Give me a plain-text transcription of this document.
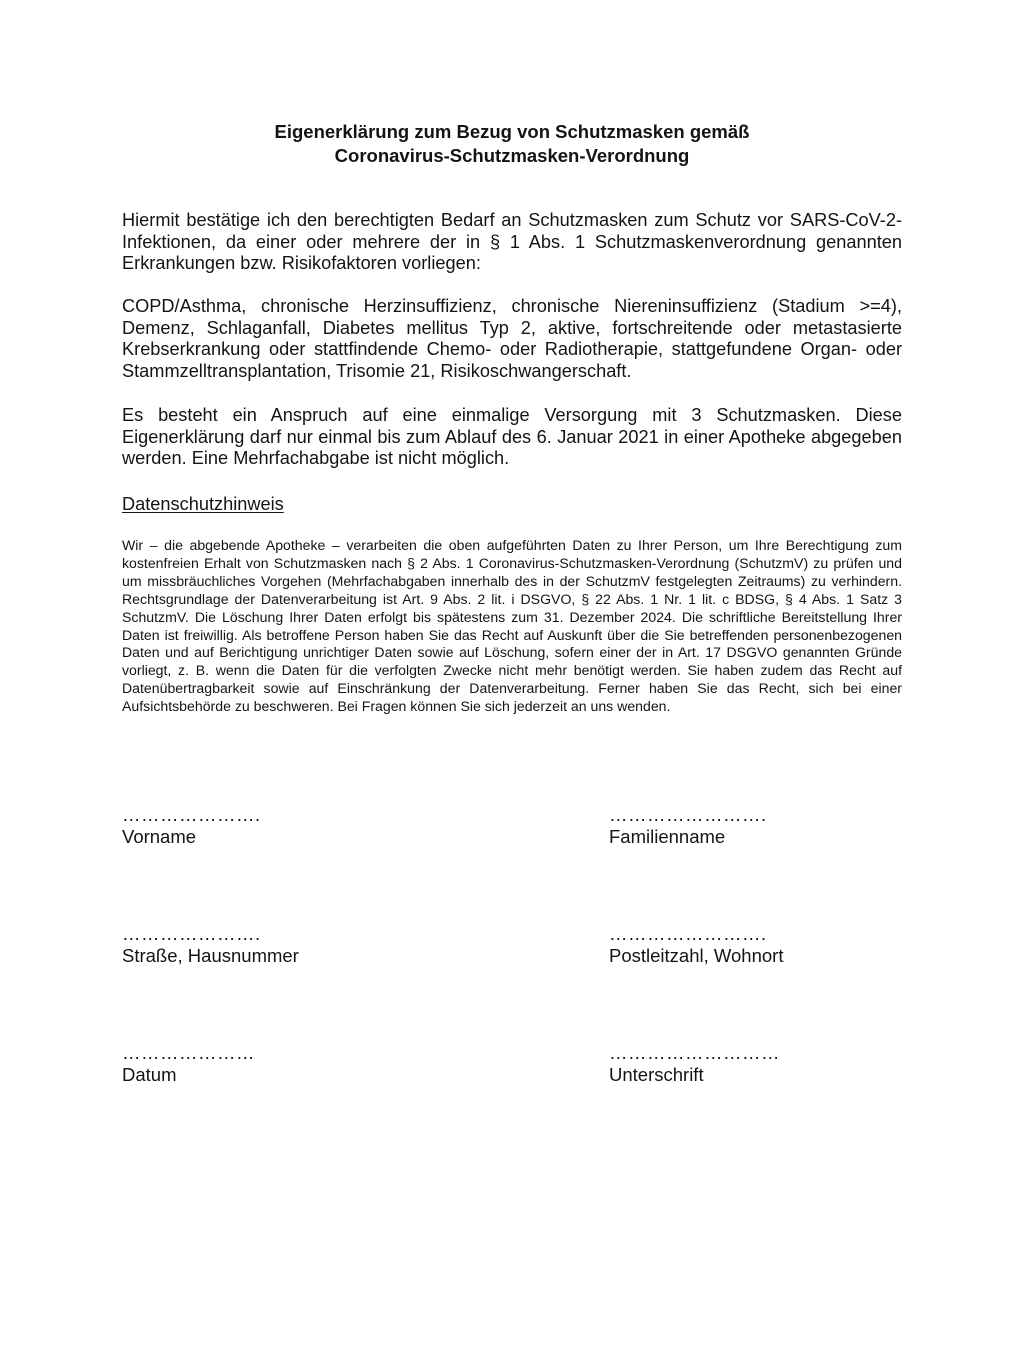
Eigenerklärung zum Bezug von Schutzmasken gemäß
Coronavirus-Schutzmasken-Verordnung

Hiermit bestätige ich den berechtigten Bedarf an Schutzmasken zum Schutz vor SARS-CoV-2-Infektionen, da einer oder mehrere der in § 1 Abs. 1 Schutzmaskenverordnung genannten Erkrankungen bzw. Risikofaktoren vorliegen:

COPD/Asthma, chronische Herzinsuffizienz, chronische Niereninsuffizienz (Stadium >=4), Demenz, Schlaganfall, Diabetes mellitus Typ 2, aktive, fortschreitende oder metastasierte Krebserkrankung oder stattfindende Chemo- oder Radiotherapie, stattgefundene Organ- oder Stammzelltransplantation, Trisomie 21, Risikoschwangerschaft.

Es besteht ein Anspruch auf eine einmalige Versorgung mit 3 Schutzmasken. Diese Eigenerklärung darf nur einmal bis zum Ablauf des 6. Januar 2021 in einer Apotheke abgegeben werden. Eine Mehrfachabgabe ist nicht möglich.

Datenschutzhinweis

Wir – die abgebende Apotheke – verarbeiten die oben aufgeführten Daten zu Ihrer Person, um Ihre Berechtigung zum kostenfreien Erhalt von Schutzmasken nach § 2 Abs. 1 Coronavirus-Schutzmasken-Verordnung (SchutzmV) zu prüfen und um missbräuchliches Vorgehen (Mehrfachabgaben innerhalb des in der SchutzmV festgelegten Zeitraums) zu verhindern. Rechtsgrundlage der Datenverarbeitung ist Art. 9 Abs. 2 lit. i DSGVO, § 22 Abs. 1 Nr. 1 lit. c BDSG, § 4 Abs. 1 Satz 3 SchutzmV. Die Löschung Ihrer Daten erfolgt bis spätestens zum 31. Dezember 2024. Die schriftliche Bereitstellung Ihrer Daten ist freiwillig. Als betroffene Person haben Sie das Recht auf Auskunft über die Sie betreffenden personenbezogenen Daten und auf Berichtigung unrichtiger Daten sowie auf Löschung, sofern einer der in Art. 17 DSGVO genannten Gründe vorliegt, z. B. wenn die Daten für die verfolgten Zwecke nicht mehr benötigt werden. Sie haben zudem das Recht auf Datenübertragbarkeit sowie auf Einschränkung der Datenverarbeitung. Ferner haben Sie das Recht, sich bei einer Aufsichtsbehörde zu beschweren. Bei Fragen können Sie sich jederzeit an uns wenden.

………………….
Vorname
…………………….
Familienname
………………….
Straße, Hausnummer
…………………….
Postleitzahl, Wohnort
…………………
Datum
………………………
Unterschrift
